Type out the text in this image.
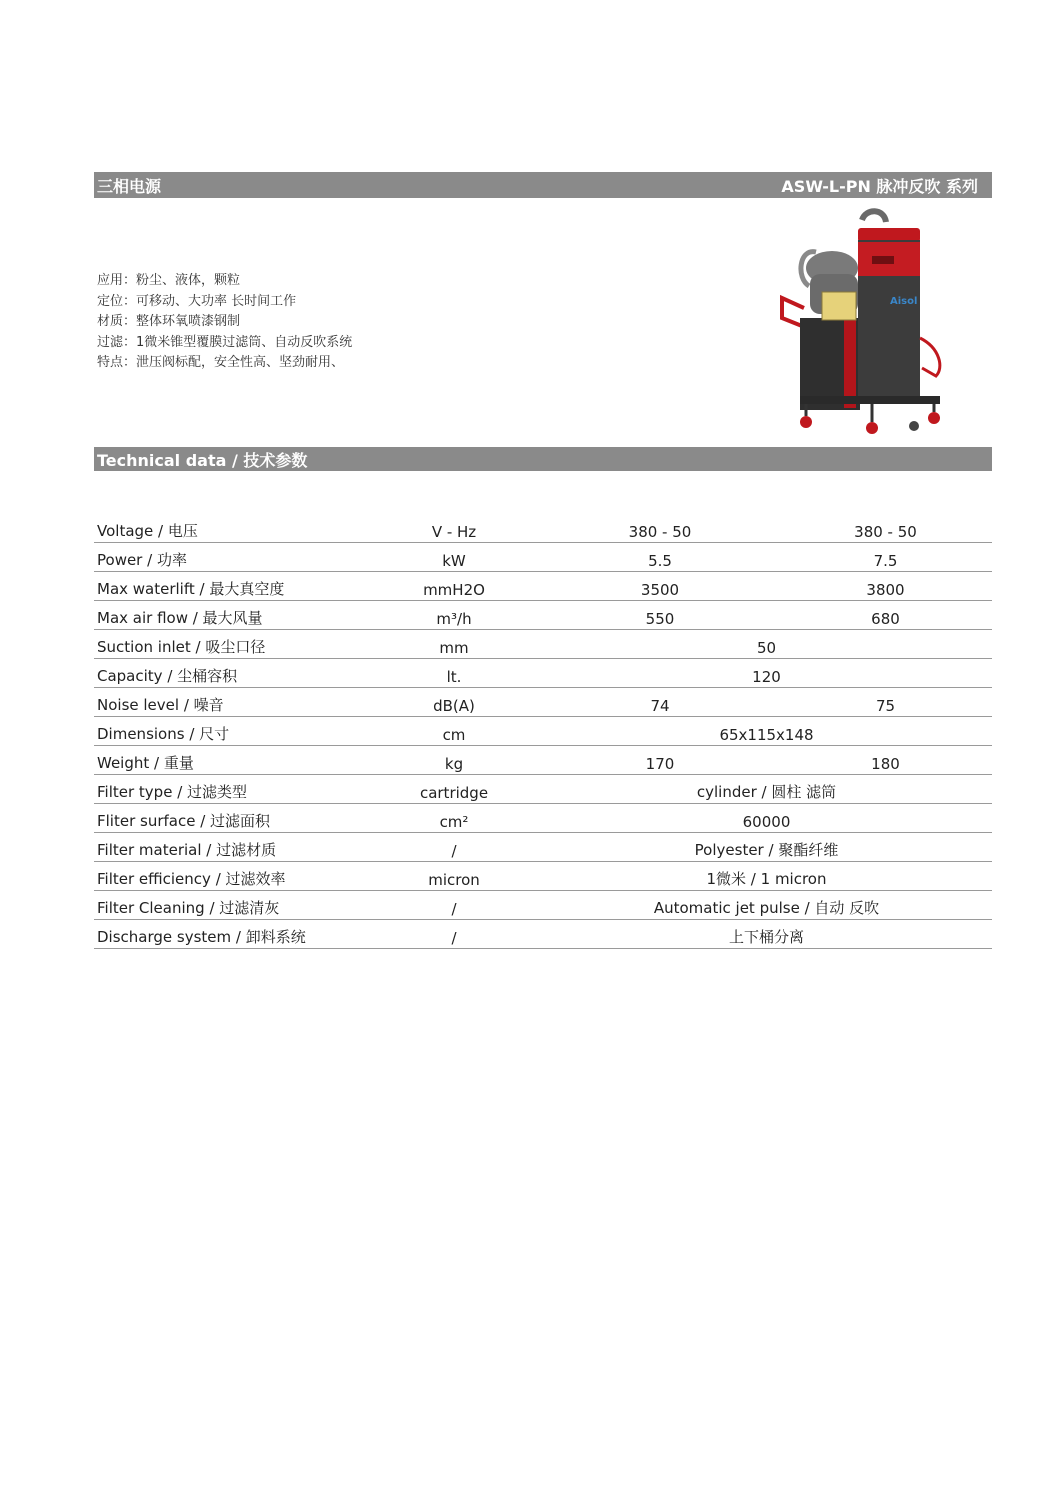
三相电源	ASW-L-PN 脉冲反吹 系列
应用：粉尘、液体，颗粒
定位：可移动、大功率 长时间工作
材质：整体环氧喷漆钢制
过滤：1微米锥型覆膜过滤筒、自动反吹系统
特点：泄压阀标配，安全性高、坚劲耐用、
Aisol
Technical data / 技术参数
Voltage / 电压	V - Hz	380 - 50	380 - 50
Power / 功率	kW	5.5	7.5
Max waterlift / 最大真空度	mmH2O	3500	3800
Max air flow / 最大风量	m³/h	550	680
Suction inlet / 吸尘口径	mm	50	
Capacity / 尘桶容积	lt.	120	
Noise level / 噪音	dB(A)	74	75
Dimensions / 尺寸	cm	65x115x148	
Weight / 重量	kg	170	180
Filter type / 过滤类型	cartridge	cylinder / 圆柱 滤筒	
Fliter surface / 过滤面积	cm²	60000	
Filter material / 过滤材质	/	Polyester / 聚酯纤维	
Filter efficiency / 过滤效率	micron	1微米 / 1 micron	
Filter Cleaning / 过滤清灰	/	Automatic jet pulse / 自动 反吹	
Discharge system / 卸料系统	/	上下桶分离	
